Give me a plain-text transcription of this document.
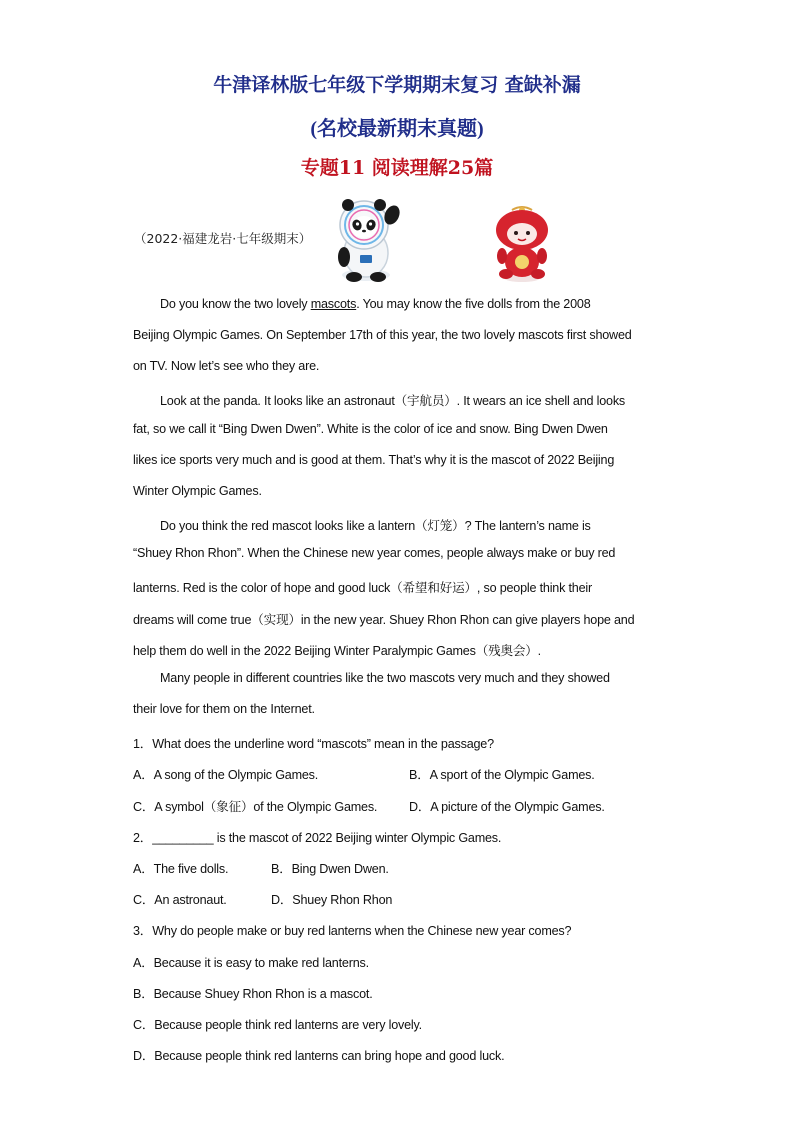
牛津译林版七年级下学期期末复习 查缺补漏
(名校最新期末真题)
专题11 阅读理解25篇
（2022·福建龙岩·七年级期末）
Do you know the two lovely mascots. You may know the five dolls from the 2008
Beijing Olympic Games. On September 17th of this year, the two lovely mascots first showed
on TV. Now let’s see who they are.
Look at the panda. It looks like an astronaut（宇航员）. It wears an ice shell and looks
fat, so we call it “Bing Dwen Dwen”. White is the color of ice and snow. Bing Dwen Dwen
likes ice sports very much and is good at them. That’s why it is the mascot of 2022 Beijing
Winter Olympic Games.
Do you think the red mascot looks like a lantern（灯笼）? The lantern’s name is
“Shuey Rhon Rhon”. When the Chinese new year comes, people always make or buy red
lanterns. Red is the color of hope and good luck（希望和好运）, so people think their
dreams will come true（实现）in the new year. Shuey Rhon Rhon can give players hope and
help them do well in the 2022 Beijing Winter Paralympic Games（残奥会）.
Many people in different countries like the two mascots very much and they showed
their love for them on the Internet.
1．What does the underline word “mascots” mean in the passage?
A．A song of the Olympic Games.	B．A sport of the Olympic Games.
C．A symbol（象征）of the Olympic Games.	D．A picture of the Olympic Games.
2．_________ is the mascot of 2022 Beijing winter Olympic Games.
A．The five dolls.	B．Bing Dwen Dwen.
C．An astronaut.	D．Shuey Rhon Rhon
3．Why do people make or buy red lanterns when the Chinese new year comes?
A．Because it is easy to make red lanterns.
B．Because Shuey Rhon Rhon is a mascot.
C．Because people think red lanterns are very lovely.
D．Because people think red lanterns can bring hope and good luck.
